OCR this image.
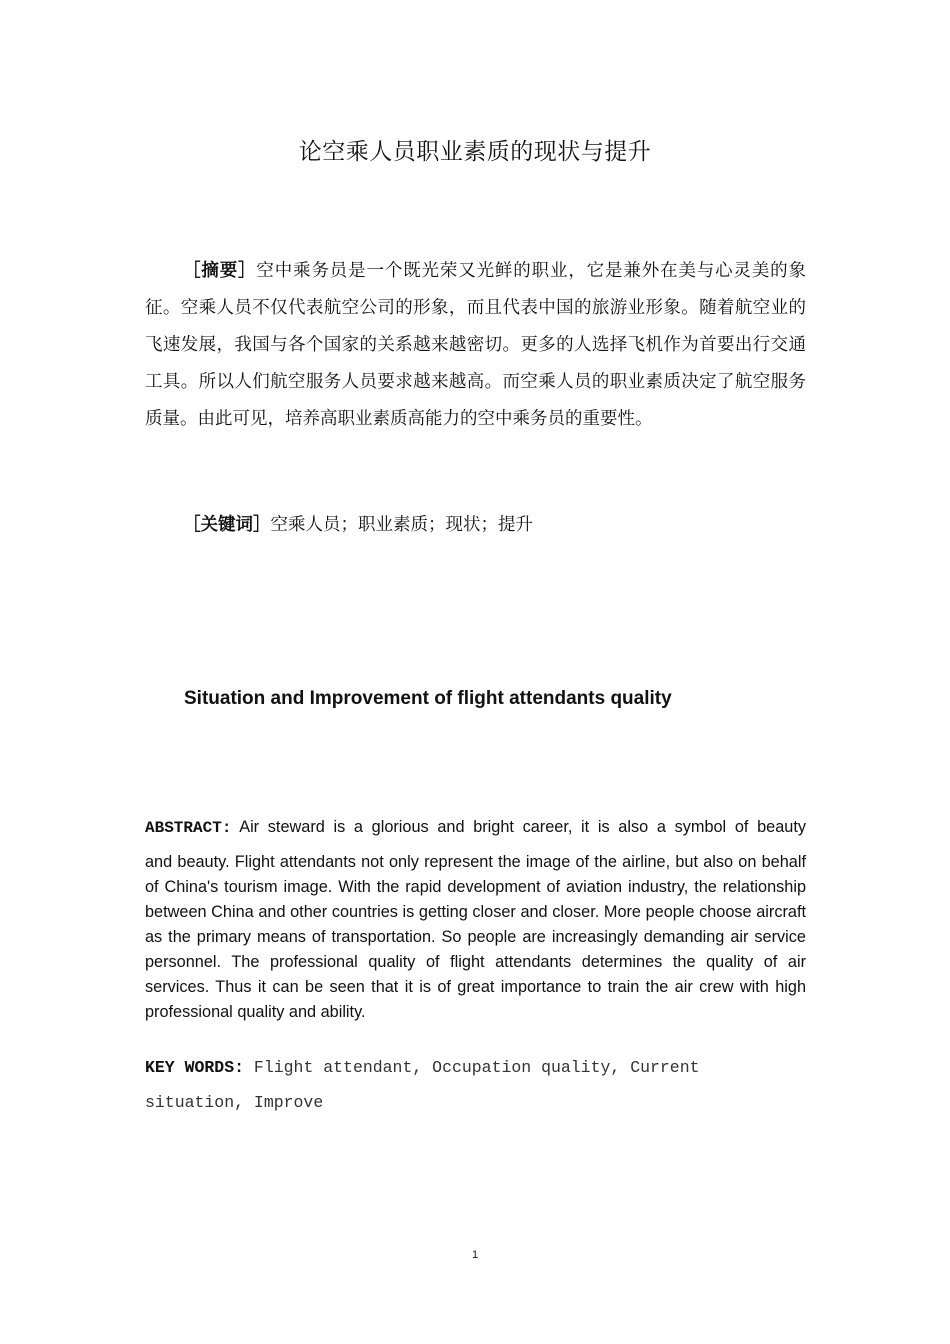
论空乘人员职业素质的现状与提升

［摘要］空中乘务员是一个既光荣又光鲜的职业，它是兼外在美与心灵美的象征。空乘人员不仅代表航空公司的形象，而且代表中国的旅游业形象。随着航空业的飞速发展，我国与各个国家的关系越来越密切。更多的人选择飞机作为首要出行交通工具。所以人们航空服务人员要求越来越高。而空乘人员的职业素质决定了航空服务质量。由此可见，培养高职业素质高能力的空中乘务员的重要性。

［关键词］空乘人员；职业素质；现状；提升

Situation and Improvement of flight attendants quality

ABSTRACT: Air steward is a glorious and bright career, it is also a symbol of beauty
and beauty. Flight attendants not only represent the image of the airline, but also on behalf of China's tourism image. With the rapid development of aviation industry, the relationship between China and other countries is getting closer and closer. More people choose aircraft as the primary means of transportation. So people are increasingly demanding air service personnel. The professional quality of flight attendants determines the quality of air services. Thus it can be seen that it is of great importance to train the air crew with high professional quality and ability.

KEY WORDS: Flight attendant, Occupation quality, Current situation, Improve

1
